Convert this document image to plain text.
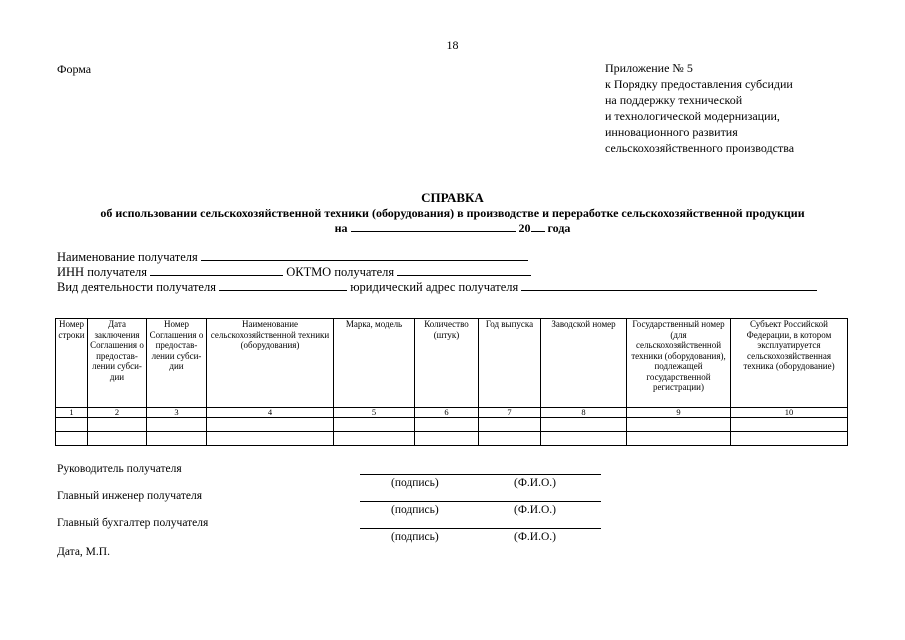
18
Форма	Приложение № 5
к Порядку предоставления субсидии
на поддержку технической
и технологической модернизации,
инновационного развития
сельскохозяйственного производства
СПРАВКА
об использовании сельскохозяйственной техники (оборудования) в производстве и переработке сельскохозяйственной продукции
на	20 года
Наименование получателя
ИНН получателя	ОКТМО получателя
Вид деятельности получателя	юридический адрес получателя
Номер строки	Дата заключения Соглашения о предостав-лении субси-дии	Номер Соглашения о предостав-лении субси-дии	Наименование сельскохозяйственной техники (оборудования)	Марка, модель	Количество (штук)	Год выпуска	Заводской номер	Государственный номер (для сельскохозяйственной техники (оборудования), подлежащей государственной регистрации)	Субъект Российской Федерации, в котором эксплуатируется сельскохозяйственная техника (оборудование)
1	2	3	4	5	6	7	8	9	10

Руководитель получателя
(подпись)	(Ф.И.О.)
Главный инженер получателя
(подпись)	(Ф.И.О.)
Главный бухгалтер получателя
(подпись)	(Ф.И.О.)
Дата, М.П.
